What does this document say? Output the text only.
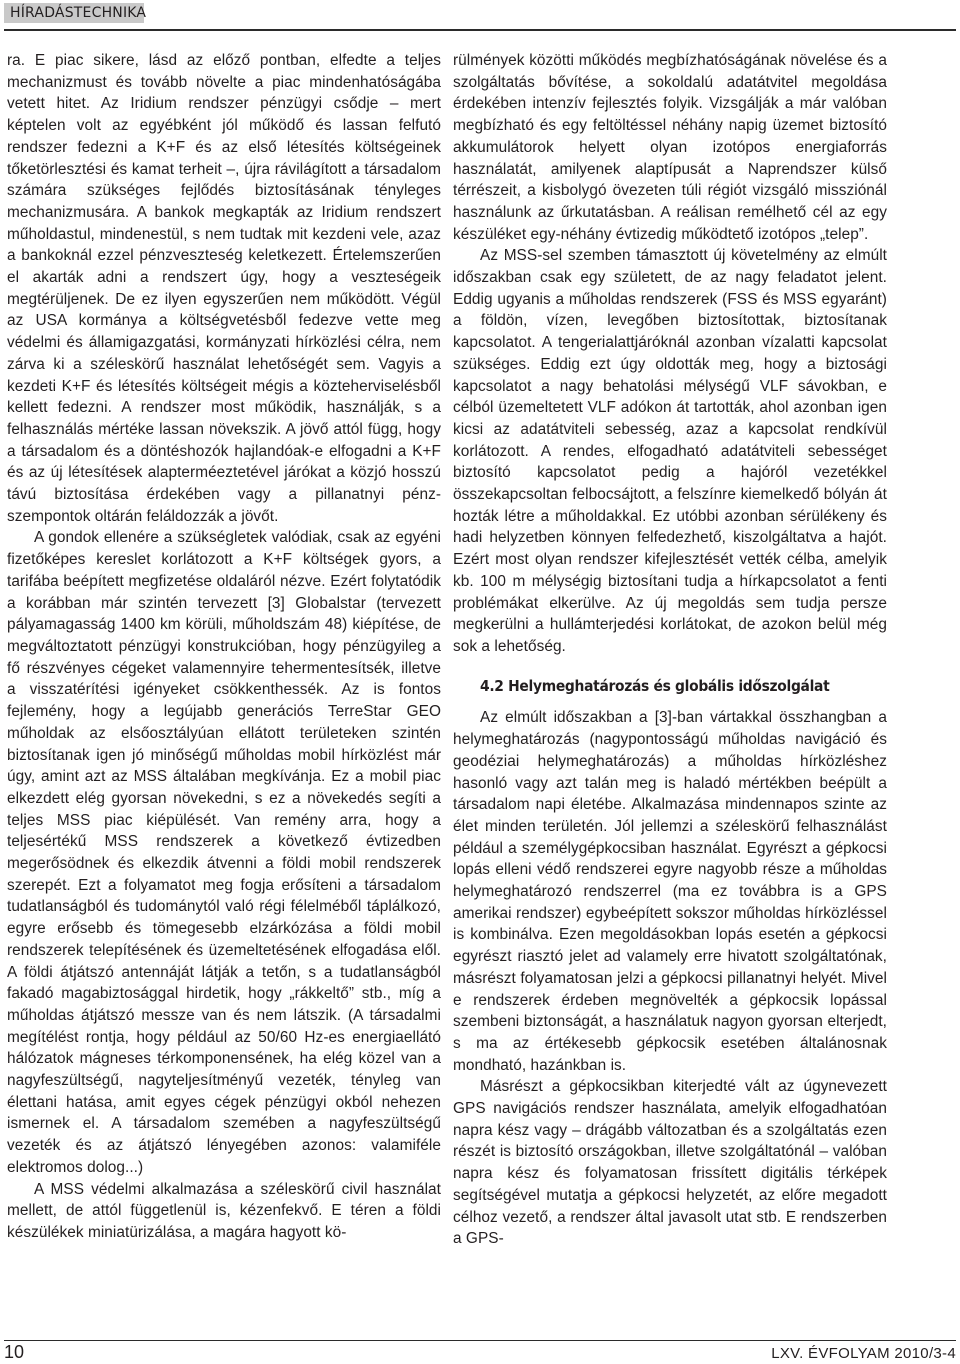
HÍRADÁSTECHNIKA

ra. E piac sikere, lásd az előző pontban, elfedte a teljes mechanizmust és tovább növelte a piac mindenhatóságába vetett hitet. Az Iridium rendszer pénzügyi csődje – mert képtelen volt az egyébként jól működő és lassan felfutó rendszer fedezni a K+F és az első létesítés költségeinek tőketörlesztési és kamat terheit –, újra rávilágított a társadalom számára szükséges fejlődés biztosításának tényleges mechanizmusára. A bankok megkapták az Iridium rendszert műholdastul, mindenestül, s nem tudtak mit kezdeni vele, azaz a bankoknál ezzel pénzveszteség keletkezett. Értelemszerűen el akarták adni a rendszert úgy, hogy a veszteségeik megtérüljenek. De ez ilyen egyszerűen nem működött. Végül az USA kormánya a költségvetésből fedezve vette meg védelmi és államigazgatási, kormányzati hírközlési célra, nem zárva ki a széleskörű használat lehetőségét sem. Vagyis a kezdeti K+F és létesítés költségeit mégis a közteherviselésből kellett fedezni. A rendszer most működik, használják, s a felhasználás mértéke lassan növekszik. A jövő attól függ, hogy a társadalom és a döntéshozók hajlandóak-e elfogadni a K+F és az új létesítések alapterméeztetével járókat a közjó hosszú távú biztosítása érdekében vagy a pillanatnyi pénz-szempontok oltárán feláldozzák a jövőt.

A gondok ellenére a szükségletek valódiak, csak az egyéni fizetőképes kereslet korlátozott a K+F költségek gyors, a tarifába beépített megfizetése oldaláról nézve. Ezért folytatódik a korábban már szintén tervezett [3] Globalstar (tervezett pályamagasság 1400 km körüli, műholdszám 48) kiépítése, de megváltoztatott pénzügyi konstrukcióban, hogy pénzügyileg a fő részvényes cégeket valamennyire tehermentesítsék, illetve a visszatérítési igényeket csökkenthessék. Az is fontos fejlemény, hogy a legújabb generációs TerreStar GEO műholdak az elsőosztályúan ellátott területeken szintén biztosítanak igen jó minőségű műholdas mobil hírközlést már úgy, amint azt az MSS általában megkívánja. Ez a mobil piac elkezdett elég gyorsan növekedni, s ez a növekedés segíti a teljes MSS piac kiépülését. Van remény arra, hogy a teljesértékű MSS rendszerek a következő évtizedben megerősödnek és elkezdik átvenni a földi mobil rendszerek szerepét. Ezt a folyamatot meg fogja erősíteni a társadalom tudatlanságból és tudománytól való régi félelméből táplálkozó, egyre erősebb és tömegesebb elzárkózása a földi mobil rendszerek telepítésének és üzemeltetésének elfogadása elől. A földi átjátszó antennáját látják a tetőn, s a tudatlanságból fakadó magabiztosággal hirdetik, hogy „rákkeltő” stb., míg a műholdas átjátszó messze van és nem látszik. (A társadalmi megítélést rontja, hogy például az 50/60 Hz-es energiaellátó hálózatok mágneses térkomponensének, ha elég közel van a nagyfeszültségű, nagyteljesítményű vezeték, tényleg van élettani hatása, amit egyes cégek pénzügyi okból nehezen ismernek el. A társadalom szemében a nagyfeszültségű vezeték és az átjátszó lényegében azonos: valamiféle elektromos dolog...)

A MSS védelmi alkalmazása a széleskörű civil használat mellett, de attól függetlenül is, kézenfekvő. E téren a földi készülékek miniatürizálása, a magára hagyott kö-

rülmények közötti működés megbízhatóságának növelése és a szolgáltatás bővítése, a sokoldalú adatátvitel megoldása érdekében intenzív fejlesztés folyik. Vizsgálják a már valóban megbízható és egy feltöltéssel néhány napig üzemet biztosító akkumulátorok helyett olyan izotópos energiaforrás használatát, amilyenek alaptípusát a Naprendszer külső térrészeit, a kisbolygó övezeten túli régiót vizsgáló missziónál használunk az űrkutatásban. A reálisan remélhető cél az egy készüléket egy-néhány évtizedig működtető izotópos „telep”.

Az MSS-sel szemben támasztott új követelmény az elmúlt időszakban csak egy született, de az nagy feladatot jelent. Eddig ugyanis a műholdas rendszerek (FSS és MSS egyaránt) a földön, vízen, levegőben biztosítottak, biztosítanak kapcsolatot. A tengerialattjáróknál azonban vízalatti kapcsolat szükséges. Eddig ezt úgy oldották meg, hogy a biztosági kapcsolatot a nagy behatolási mélységű VLF sávokban, e célból üzemeltetett VLF adókon át tartották, ahol azonban igen kicsi az adatátviteli sebesség, azaz a kapcsolat rendkívül korlátozott. A rendes, elfogadható adatátviteli sebességet biztosító kapcsolatot pedig a hajóról vezetékkel összekapcsoltan felbocsájtott, a felszínre kiemelkedő bólyán át hozták létre a műholdakkal. Ez utóbbi azonban sérülékeny és hadi helyzetben könnyen felfedezhető, kiszolgáltatva a hajót. Ezért most olyan rendszer kifejlesztését vették célba, amelyik kb. 100 m mélységig biztosítani tudja a hírkapcsolatot a fenti problémákat elkerülve. Az új megoldás sem tudja persze megkerülni a hullámterjedési korlátokat, de azokon belül még sok a lehetőség.

4.2 Helymeghatározás és globális időszolgálat

Az elmúlt időszakban a [3]-ban vártakkal összhangban a helymeghatározás (nagypontosságú műholdas navigáció és geodéziai helymeghatározás) a műholdas hírközléshez hasonló vagy azt talán meg is haladó mértékben beépült a társadalom napi életébe. Alkalmazása mindennapos szinte az élet minden területén. Jól jellemzi a széleskörű felhasználást például a személygépkocsiban használat. Egyrészt a gépkocsi lopás elleni védő rendszerei egyre nagyobb része a műholdas helymeghatározó rendszerrel (ma ez továbbra is a GPS amerikai rendszer) egybeépített sokszor műholdas hírközléssel is kombinálva. Ezen megoldásokban lopás esetén a gépkocsi egyrészt riasztó jelet ad valamely erre hivatott szolgáltatónak, másrészt folyamatosan jelzi a gépkocsi pillanatnyi helyét. Mivel e rendszerek érdeben megnövelték a gépkocsik lopással szembeni biztonságát, a használatuk nagyon gyorsan elterjedt, s ma az értékesebb gépkocsik esetében általánosnak mondható, hazánkban is.

Másrészt a gépkocsikban kiterjedté vált az úgynevezett GPS navigációs rendszer használata, amelyik elfogadhatóan napra kész vagy – drágább változatban és a szolgáltatás ezen részét is biztosító országokban, illetve szolgáltatónál – valóban napra kész és folyamatosan frissített digitális térképek segítségével mutatja a gépkocsi helyzetét, az előre megadott célhoz vezető, a rendszer által javasolt utat stb. E rendszerben a GPS-

10	LXV. ÉVFOLYAM 2010/3-4
